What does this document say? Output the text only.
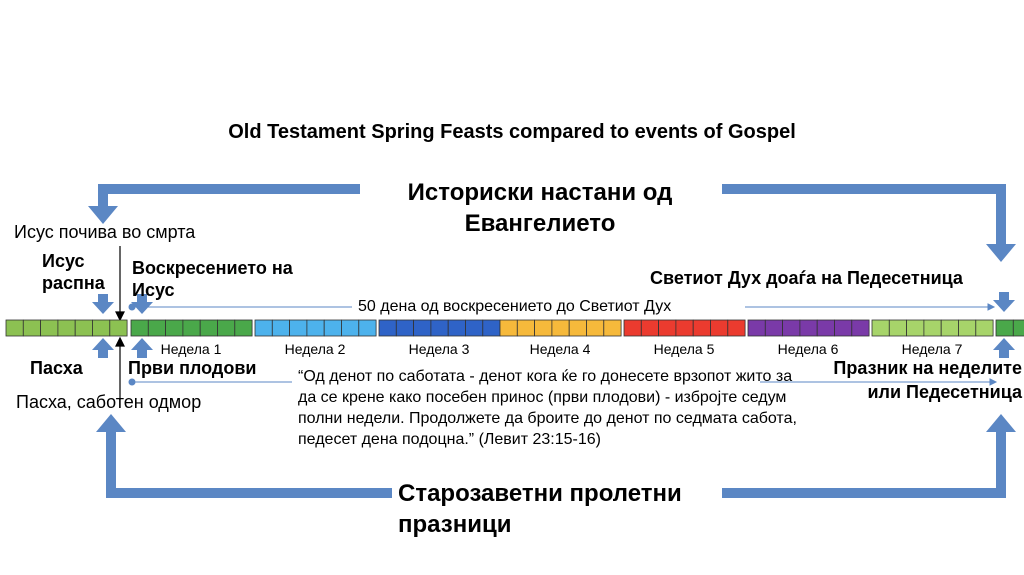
Недела 1	Недела 2	Недела 3	Недела 4	Недела 5	Недела 6	Недела 7
Old Testament Spring Feasts compared to events of Gospel
Историски настани од Евангелието
Старозаветни пролетни празници
Исус почива во смрта
Исус распна
Воскресението на Исус
Светиот Дух доаѓа на Педесетница
50 дена од воскресението до Светиот Дух
Пасха
Пасха, саботен одмор
Први плодови	Празник на неделите или Педесетница
“Од денот по саботата - денот кога ќе го донесете врзопот жито за да се крене како посебен принос (први плодови) - избројте седум полни недели. Продолжете да броите до денот по седмата сабота, педесет дена подоцна.” (Левит 23:15-16)
